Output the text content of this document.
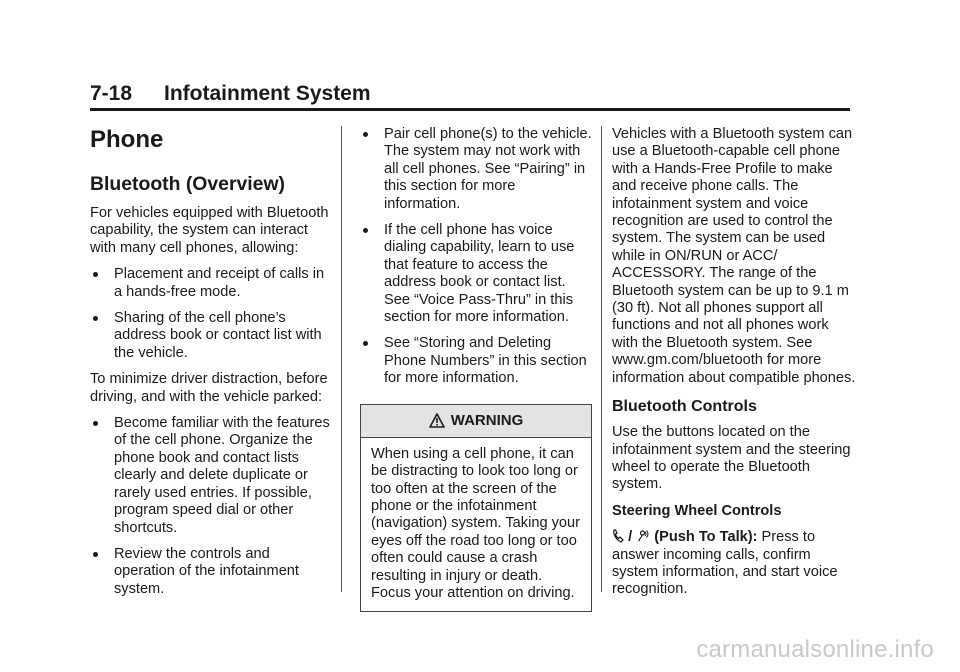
7-18 Infotainment System
Phone
Bluetooth (Overview)

For vehicles equipped with Bluetooth capability, the system can interact with many cell phones, allowing:

Placement and receipt of calls in a hands-free mode.
Sharing of the cell phone’s address book or contact list with the vehicle.

To minimize driver distraction, before driving, and with the vehicle parked:

Become familiar with the features of the cell phone. Organize the phone book and contact lists clearly and delete duplicate or rarely used entries. If possible, program speed dial or other shortcuts.
Review the controls and operation of the infotainment system.
Pair cell phone(s) to the vehicle. The system may not work with all cell phones. See “Pairing” in this section for more information.
If the cell phone has voice dialing capability, learn to use that feature to access the address book or contact list. See “Voice Pass-Thru” in this section for more information.
See “Storing and Deleting Phone Numbers” in this section for more information.
WARNING
When using a cell phone, it can be distracting to look too long or too often at the screen of the phone or the infotainment (navigation) system. Taking your eyes off the road too long or too often could cause a crash resulting in injury or death. Focus your attention on driving.

Vehicles with a Bluetooth system can use a Bluetooth-capable cell phone with a Hands-Free Profile to make and receive phone calls. The infotainment system and voice recognition are used to control the system. The system can be used while in ON/RUN or ACC/ ACCESSORY. The range of the Bluetooth system can be up to 9.1 m (30 ft). Not all phones support all functions and not all phones work with the Bluetooth system. See www.gm.com/bluetooth for more information about compatible phones.

Bluetooth Controls

Use the buttons located on the infotainment system and the steering wheel to operate the Bluetooth system.

Steering Wheel Controls

/ (Push To Talk): Press to answer incoming calls, confirm system information, and start voice recognition.

carmanualsonline.info
